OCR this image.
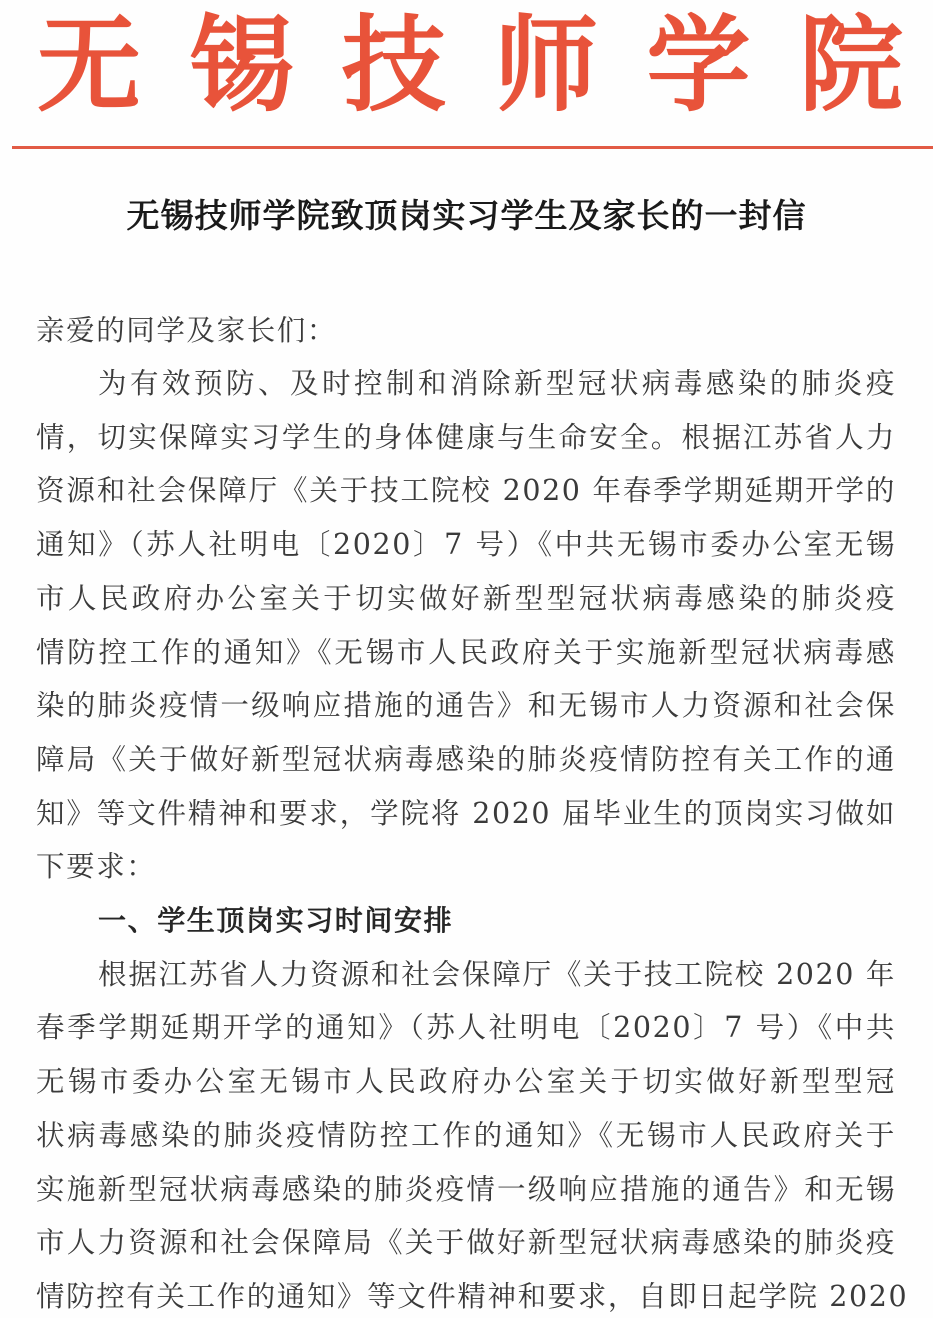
无 锡 技 师 学 院
无锡技师学院致顶岗实习学生及家长的一封信
亲爱的同学及家长们：
为有效预防、及时控制和消除新型冠状病毒感染的肺炎疫
情，切实保障实习学生的身体健康与生命安全。根据江苏省人力
资源和社会保障厅《关于技工院校 2020 年春季学期延期开学的
通知》（苏人社明电〔2020〕7 号）《中共无锡市委办公室无锡
市人民政府办公室关于切实做好新型型冠状病毒感染的肺炎疫
情防控工作的通知》《无锡市人民政府关于实施新型冠状病毒感
染的肺炎疫情一级响应措施的通告》和无锡市人力资源和社会保
障局《关于做好新型冠状病毒感染的肺炎疫情防控有关工作的通
知》等文件精神和要求，学院将 2020 届毕业生的顶岗实习做如
下要求：
一、学生顶岗实习时间安排
根据江苏省人力资源和社会保障厅《关于技工院校 2020 年
春季学期延期开学的通知》（苏人社明电〔2020〕7 号）《中共
无锡市委办公室无锡市人民政府办公室关于切实做好新型型冠
状病毒感染的肺炎疫情防控工作的通知》《无锡市人民政府关于
实施新型冠状病毒感染的肺炎疫情一级响应措施的通告》和无锡
市人力资源和社会保障局《关于做好新型冠状病毒感染的肺炎疫
情防控有关工作的通知》等文件精神和要求，自即日起学院 2020
